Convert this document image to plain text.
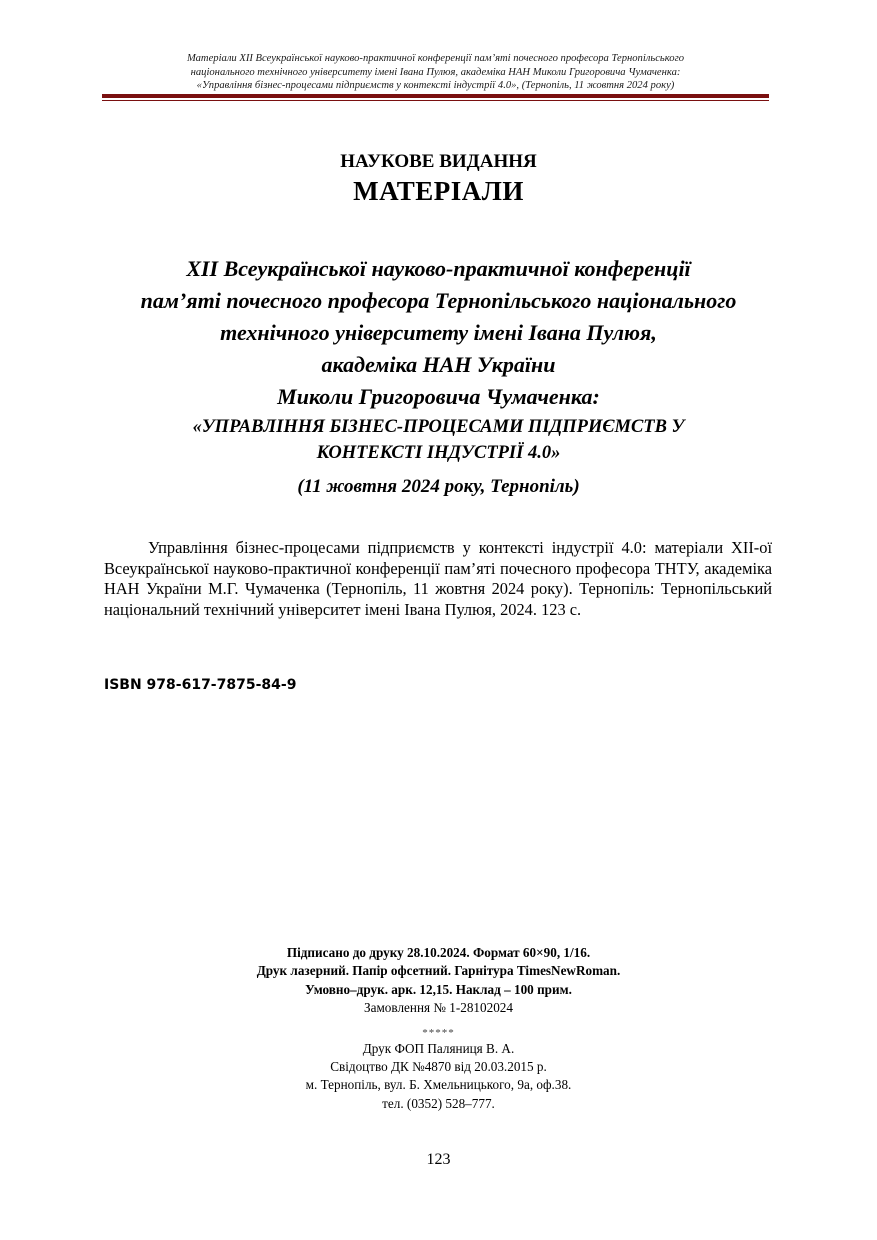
Матеріали XII Всеукраїнської науково-практичної конференції пам’яті почесного професора Тернопільського
національного технічного університету імені Івана Пулюя, академіка НАН Миколи Григоровича Чумаченка:
«Управління бізнес-процесами підприємств у контексті індустрії 4.0», (Тернопіль, 11 жовтня 2024 року)
НАУКОВЕ ВИДАННЯ
МАТЕРІАЛИ
XII Всеукраїнської науково-практичної конференції
пам’яті почесного професора Тернопільського національного
технічного університету імені Івана Пулюя,
академіка НАН України
Миколи Григоровича Чумаченка:
«УПРАВЛІННЯ БІЗНЕС-ПРОЦЕСАМИ ПІДПРИЄМСТВ У
КОНТЕКСТІ ІНДУСТРІЇ 4.0»
(11 жовтня 2024 року, Тернопіль)
Управління бізнес-процесами підприємств у контексті індустрії 4.0: матеріали XII-ої Всеукраїнської науково-практичної конференції пам’яті почесного професора ТНТУ, академіка НАН України М.Г. Чумаченка (Тернопіль, 11 жовтня 2024 року). Тернопіль: Тернопільський національний технічний університет імені Івана Пулюя, 2024. 123 с.
ISBN 978-617-7875-84-9
Підписано до друку 28.10.2024. Формат 60×90, 1/16.
Друк лазерний. Папір офсетний. Гарнітура TimesNewRoman.
Умовно–друк. арк. 12,15. Наклад – 100 прим.
Замовлення № 1-28102024
*****
Друк ФОП Паляниця В. А.
Свідоцтво ДК №4870 від 20.03.2015 р.
м. Тернопіль, вул. Б. Хмельницького, 9а, оф.38.
тел. (0352) 528–777.
123
